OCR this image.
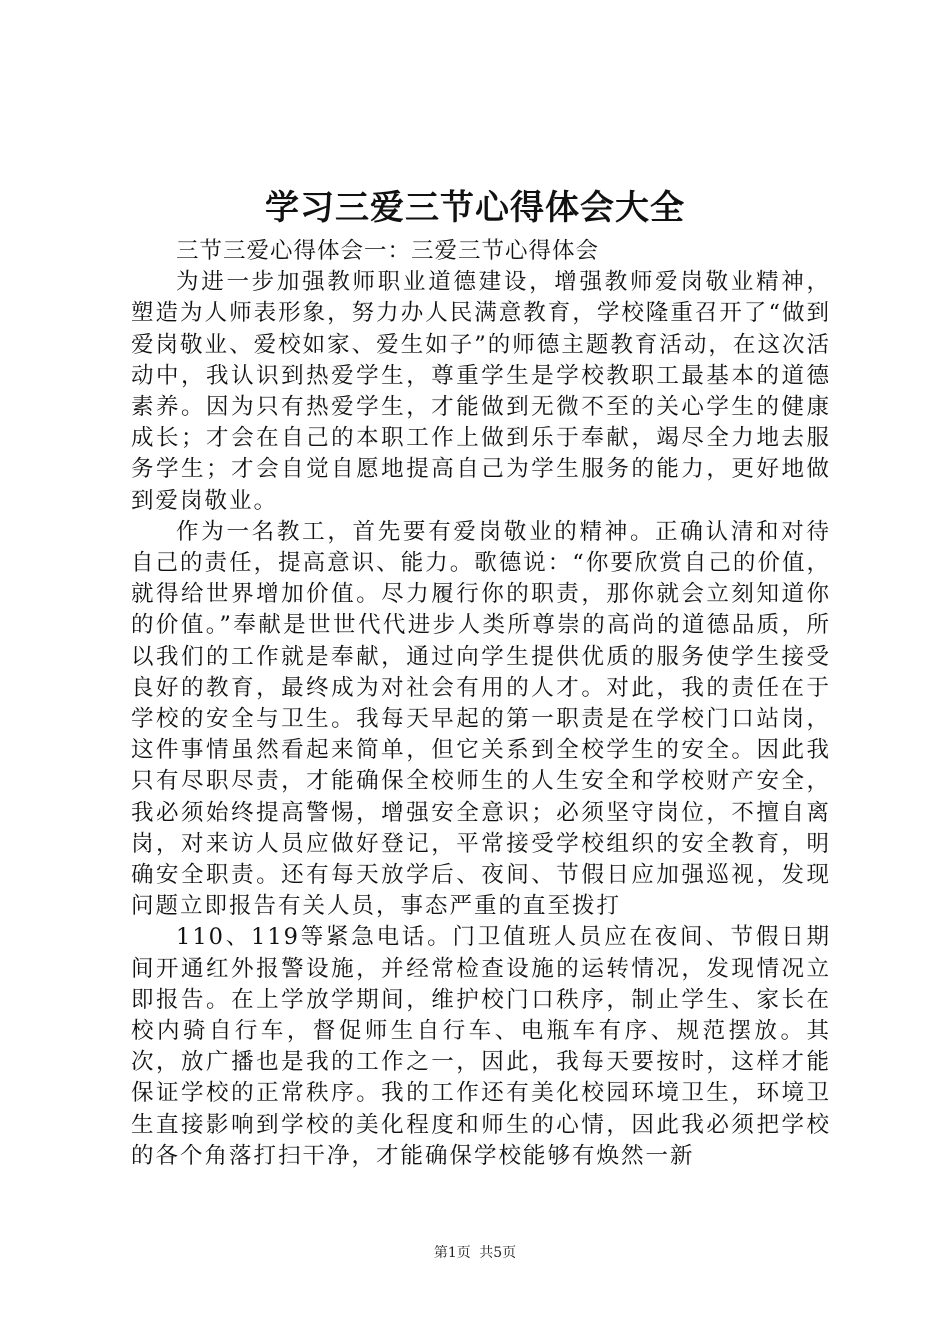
学习三爱三节心得体会大全

三节三爱心得体会一：三爱三节心得体会

为进一步加强教师职业道德建设，增强教师爱岗敬业精神，塑造为人师表形象，努力办人民满意教育，学校隆重召开了“做到爱岗敬业、爱校如家、爱生如子”的师德主题教育活动，在这次活动中，我认识到热爱学生，尊重学生是学校教职工最基本的道德素养。因为只有热爱学生，才能做到无微不至的关心学生的健康成长；才会在自己的本职工作上做到乐于奉献，竭尽全力地去服务学生；才会自觉自愿地提高自己为学生服务的能力，更好地做到爱岗敬业。

作为一名教工，首先要有爱岗敬业的精神。正确认清和对待自己的责任，提高意识、能力。歌德说：“你要欣赏自己的价值，就得给世界增加价值。尽力履行你的职责，那你就会立刻知道你的价值。”奉献是世世代代进步人类所尊崇的高尚的道德品质，所以我们的工作就是奉献，通过向学生提供优质的服务使学生接受良好的教育，最终成为对社会有用的人才。对此，我的责任在于学校的安全与卫生。我每天早起的第一职责是在学校门口站岗，这件事情虽然看起来简单，但它关系到全校学生的安全。因此我只有尽职尽责，才能确保全校师生的人生安全和学校财产安全，我必须始终提高警惕，增强安全意识；必须坚守岗位，不擅自离岗，对来访人员应做好登记，平常接受学校组织的安全教育，明确安全职责。还有每天放学后、夜间、节假日应加强巡视，发现问题立即报告有关人员，事态严重的直至拨打

110、119等紧急电话。门卫值班人员应在夜间、节假日期间开通红外报警设施，并经常检查设施的运转情况，发现情况立即报告。在上学放学期间，维护校门口秩序，制止学生、家长在校内骑自行车，督促师生自行车、电瓶车有序、规范摆放。其次，放广播也是我的工作之一，因此，我每天要按时，这样才能保证学校的正常秩序。我的工作还有美化校园环境卫生，环境卫生直接影响到学校的美化程度和师生的心情，因此我必须把学校的各个角落打扫干净，才能确保学校能够有焕然一新

第1页 共5页
